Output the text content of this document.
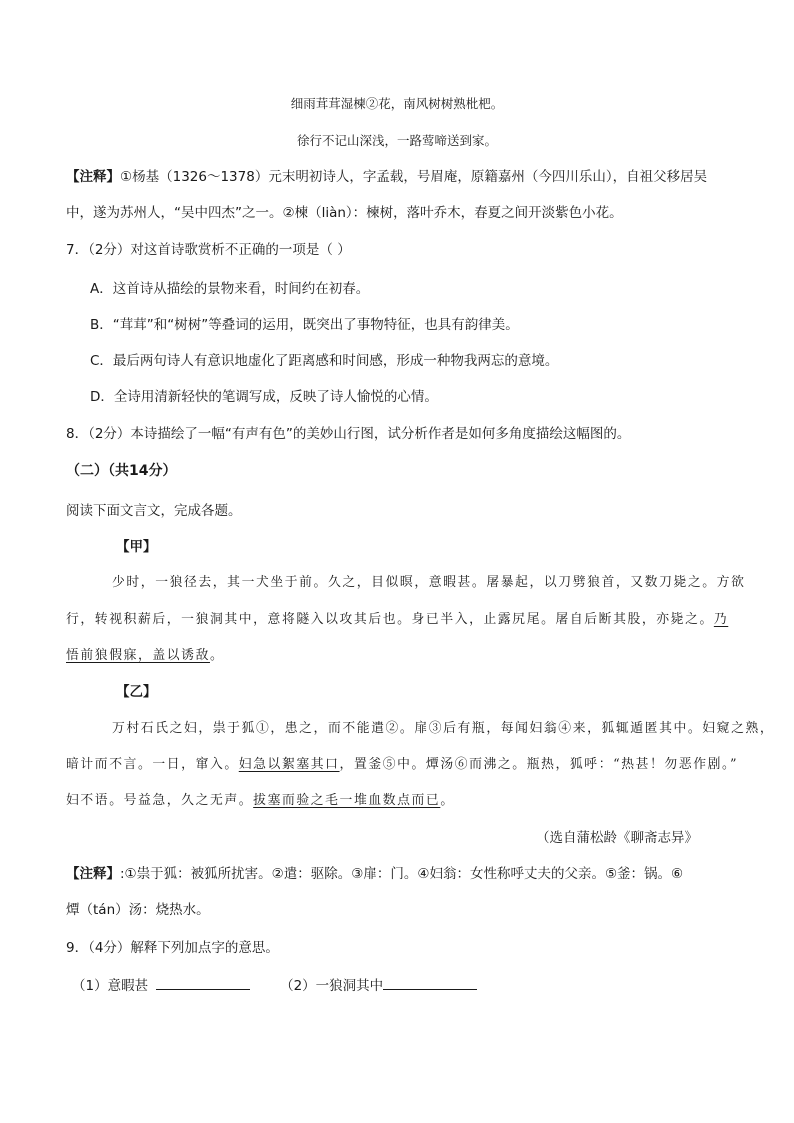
细雨茸茸湿楝②花，南风树树熟枇杷。
徐行不记山深浅，一路莺啼送到家。
【注释】①杨基（1326～1378）元末明初诗人，字孟载，号眉庵，原籍嘉州（今四川乐山），自祖父移居吴
中，遂为苏州人，“吴中四杰”之一。②楝（liàn）：楝树，落叶乔木，春夏之间开淡紫色小花。
7．（2分）对这首诗歌赏析不正确的一项是（ ）
A．这首诗从描绘的景物来看，时间约在初春。
B．“茸茸”和“树树”等叠词的运用，既突出了事物特征，也具有韵律美。
C．最后两句诗人有意识地虚化了距离感和时间感，形成一种物我两忘的意境。
D．全诗用清新轻快的笔调写成，反映了诗人愉悦的心情。
8．（2分）本诗描绘了一幅“有声有色”的美妙山行图，试分析作者是如何多角度描绘这幅图的。
（二）（共14分）
阅读下面文言文，完成各题。
【甲】
少时，一狼径去，其一犬坐于前。久之，目似暝，意暇甚。屠暴起，以刀劈狼首，又数刀毙之。方欲
行，转视积薪后，一狼洞其中，意将隧入以攻其后也。身已半入，止露尻尾。屠自后断其股，亦毙之。乃
悟前狼假寐，盖以诱敌。
【乙】
万村石氏之妇，祟于狐①，患之，而不能遣②。扉③后有瓶，每闻妇翁④来，狐辄遁匿其中。妇窥之熟，
暗计而不言。一日，窜入。妇急以絮塞其口，置釜⑤中。燂汤⑥而沸之。瓶热，狐呼：“热甚！勿恶作剧。”
妇不语。号益急，久之无声。拔塞而验之毛一堆血数点而已。
（选自蒲松龄《聊斋志异》
【注释】:①祟于狐：被狐所扰害。②遣：驱除。③扉：门。④妇翁：女性称呼丈夫的父亲。⑤釜：锅。⑥
燂（tán）汤：烧热水。
9．（4分）解释下列加点字的意思。
（1）意暇甚	（2）一狼洞其中
